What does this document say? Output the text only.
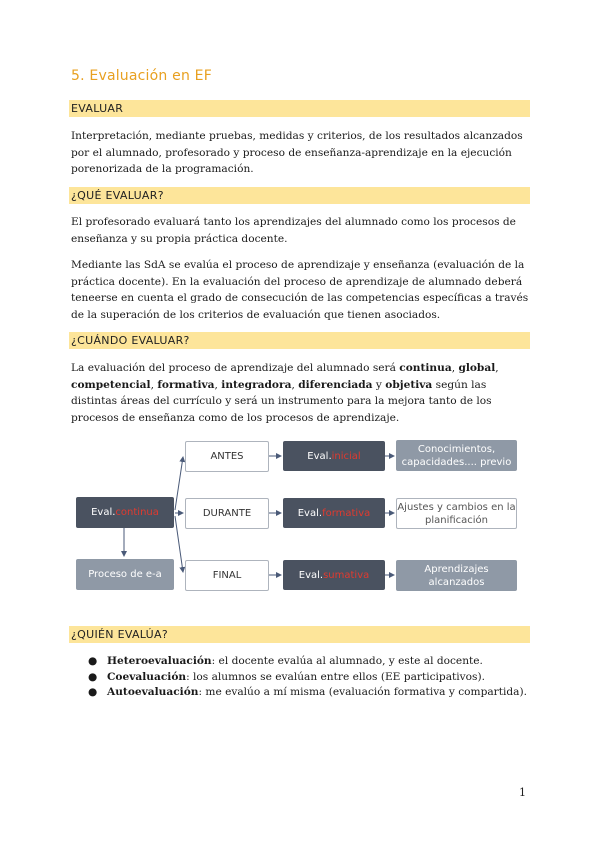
5. Evaluación en EF
EVALUAR
Interpretación, mediante pruebas, medidas y criterios, de los resultados alcanzados por el alumnado, profesorado y proceso de enseñanza-aprendizaje en la ejecución porenorizada de la programación.
¿QUÉ EVALUAR?
El profesorado evaluará tanto los aprendizajes del alumnado como los procesos de enseñanza y su propia práctica docente.
Mediante las SdA se evalúa el proceso de aprendizaje y enseñanza (evaluación de la práctica docente). En la evaluación del proceso de aprendizaje de alumnado deberá teneerse en cuenta el grado de consecución de las competencias específicas a través de la superación de los criterios de evaluación que tienen asociados.
¿CUÁNDO EVALUAR?
La evaluación del proceso de aprendizaje del alumnado será continua, global, competencial, formativa, integradora, diferenciada y objetiva según las distintas áreas del currículo y será un instrumento para la mejora tanto de los procesos de enseñanza como de los procesos de aprendizaje.
Eval. continua
Proceso de e-a
ANTES
DURANTE
FINAL
Eval. inicial
Eval. formativa
Eval. sumativa
Conocimientos, capacidades.... previo
Ajustes y cambios en la planificación
Aprendizajes alcanzados
¿QUIÉN EVALÚA?
● Heteroevaluación: el docente evalúa al alumnado, y este al docente.
● Coevaluación: los alumnos se evalúan entre ellos (EE participativos).
● Autoevaluación: me evalúo a mí misma (evaluación formativa y compartida).
1
